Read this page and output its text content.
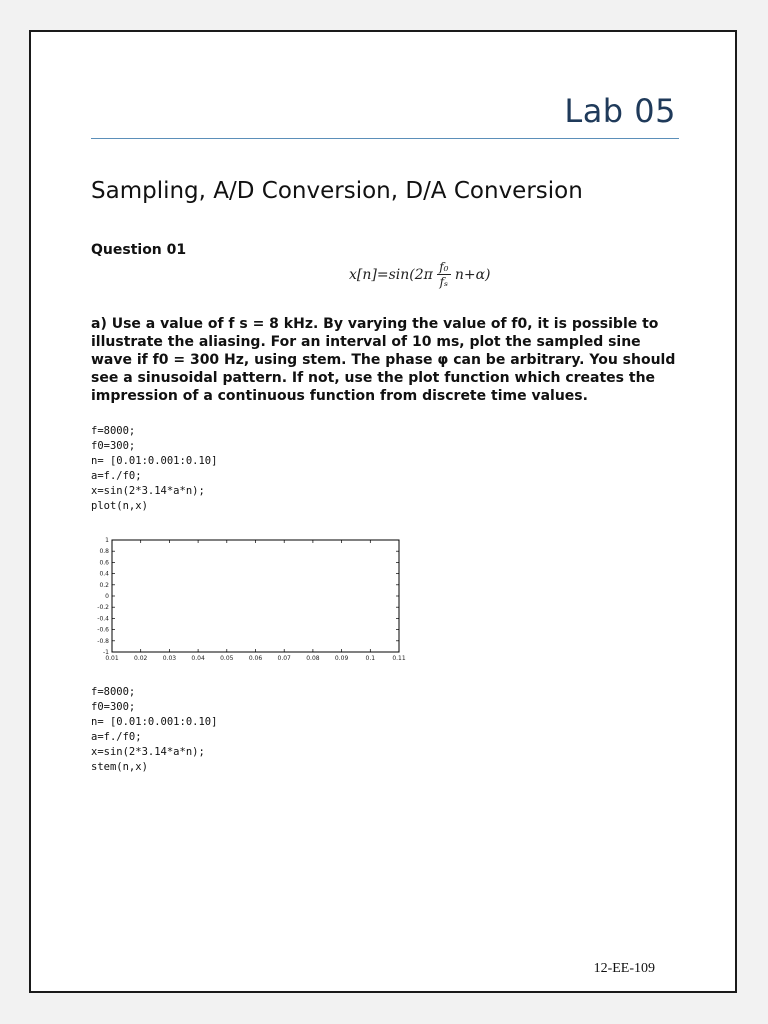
Lab 05
Sampling, A/D Conversion, D/A Conversion
Question 01
$x[n]=\sin(2\pi \frac{\text{f₀}}{\text{fₛ}} n+\alpha)$
a) Use a value of f s = 8 kHz. By varying the value of f0, it is possible to illustrate the aliasing. For an interval of 10 ms, plot the sampled sine wave if f0 = 300 Hz, using stem. The phase φ can be arbitrary. You should see a sinusoidal pattern. If not, use the plot function which creates the impression of a continuous function from discrete time values.
f=8000;
f0=300;
n= [0.01:0.001:0.10]
a=f./f0;
x=sin(2*3.14*a*n);
plot(n,x)
-1
-0.8
-0.6
-0.4
-0.2
0
0.2
0.4
0.6
0.8
1
0.01	0.02	0.03	0.04	0.05	0.06	0.07	0.08	0.09	0.1	0.11
f=8000;
f0=300;
n= [0.01:0.001:0.10]
a=f./f0;
x=sin(2*3.14*a*n);
stem(n,x)
12-EE-109
